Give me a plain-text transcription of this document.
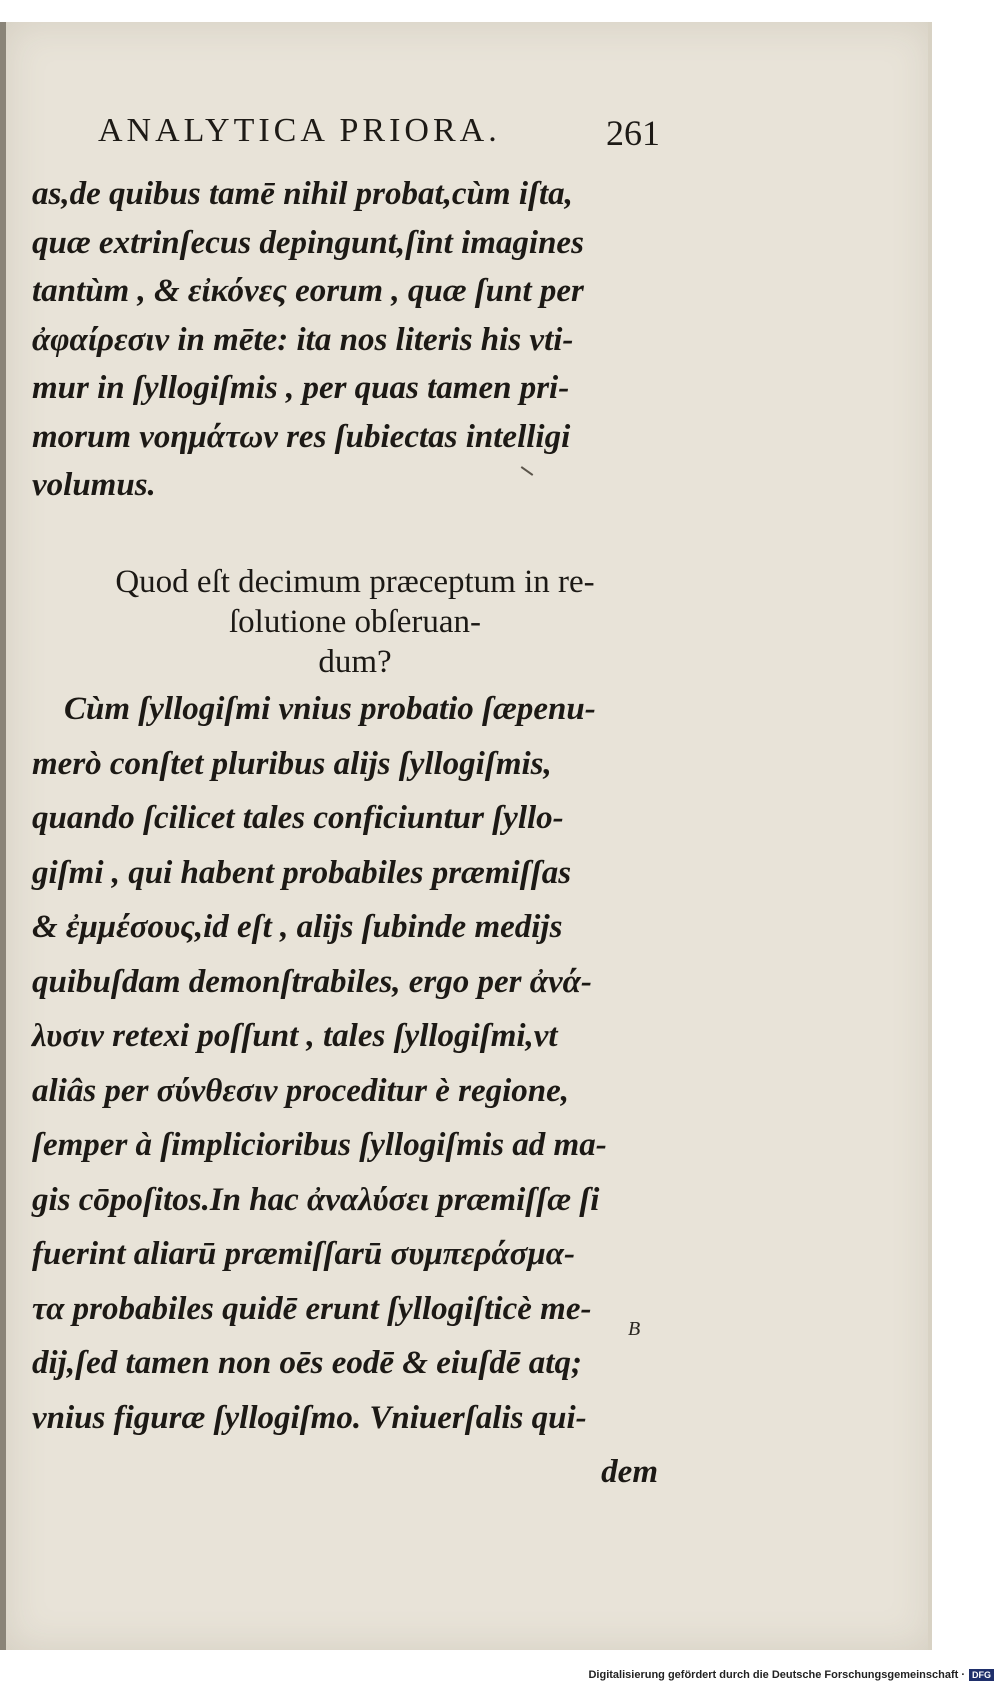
ANALYTICA PRIORA.	261
as,de quibus tamē nihil probat,cùm iſta,
quæ extrinſecus depingunt,ſint imagines
tantùm , & εἰκόνες eorum , quæ ſunt per
ἀφαίρεσιν in mēte: ita nos literis his vti-
mur in ſyllogiſmis , per quas tamen pri-
morum νοημάτων res ſubiectas intelligi
volumus.
Quod eſt decimum præceptum in re-
ſolutione obſeruan-
dum?
Cùm ſyllogiſmi vnius probatio ſæpenu-
merò conſtet pluribus alijs ſyllogiſmis,
quando ſcilicet tales conficiuntur ſyllo-
giſmi , qui habent probabiles præmiſſas
& ἐμμέσους,id eſt , alijs ſubinde medijs
quibuſdam demonſtrabiles, ergo per ἀνά-
λυσιν retexi poſſunt , tales ſyllogiſmi,vt
aliâs per σύνθεσιν proceditur è regione,
ſemper à ſimplicioribus ſyllogiſmis ad ma-
gis cōpoſitos.In hac ἀναλύσει præmiſſæ ſi
fuerint aliarū præmiſſarū συμπεράσμα-
τα probabiles quidē erunt ſyllogiſticè me-
dij,ſed tamen non oēs eodē & eiuſdē atq;
vnius figuræ ſyllogiſmo. Vniuerſalis qui-
dem
B
Digitalisierung gefördert durch die Deutsche Forschungsgemeinschaft · DFG
